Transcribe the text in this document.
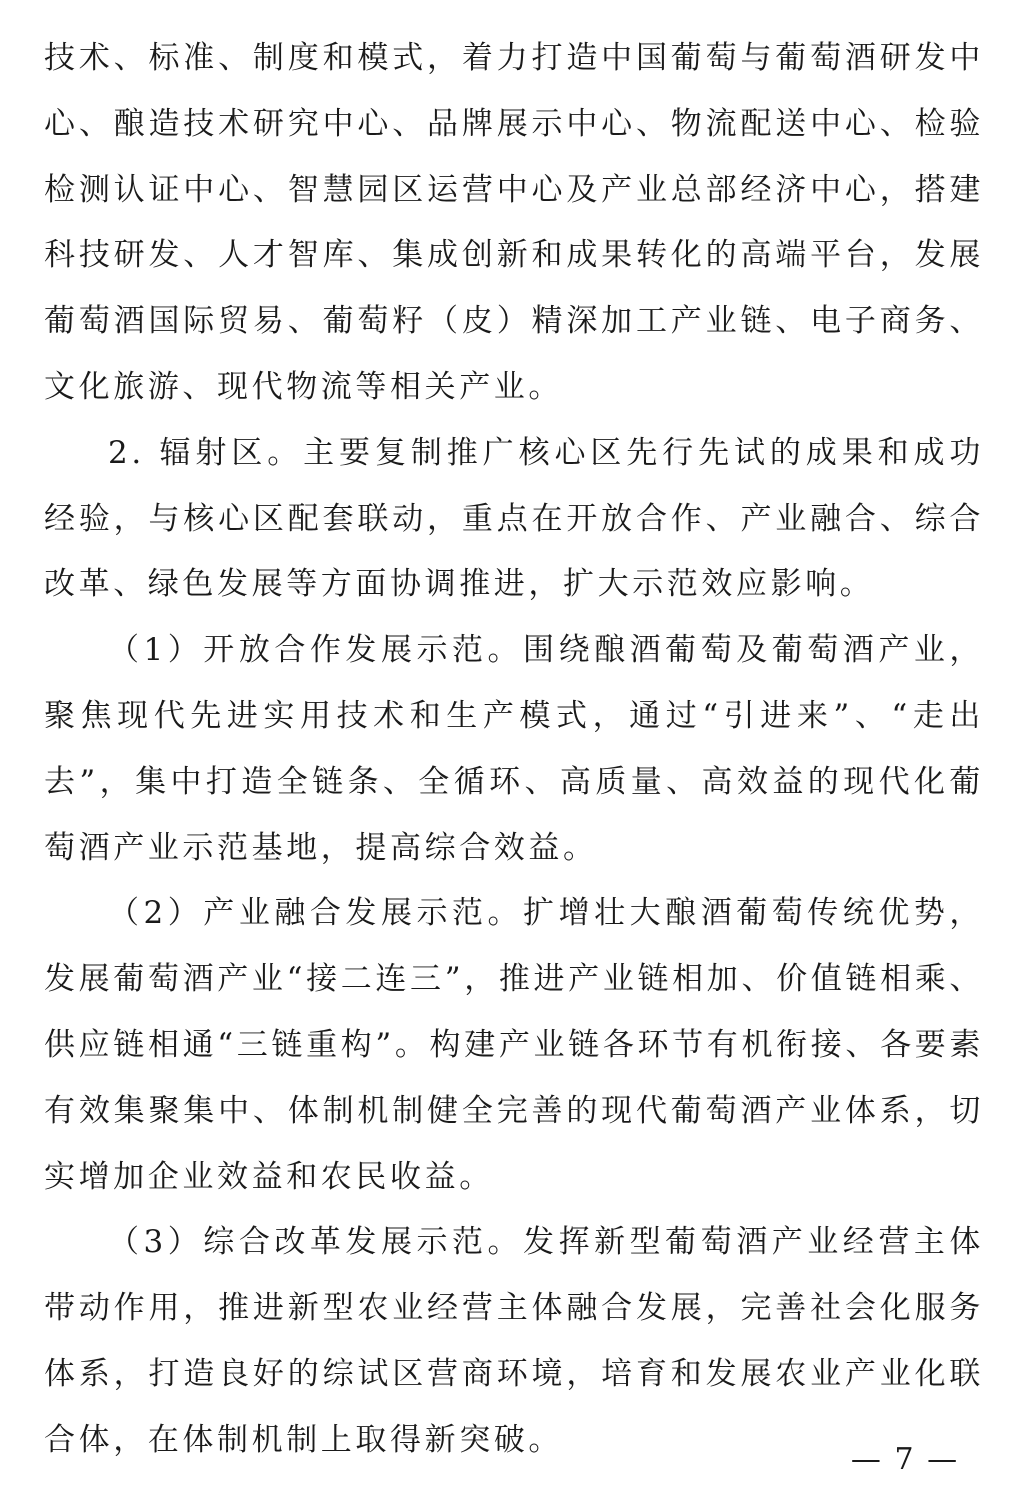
技术、标准、制度和模式，着力打造中国葡萄与葡萄酒研发中心、酿造技术研究中心、品牌展示中心、物流配送中心、检验检测认证中心、智慧园区运营中心及产业总部经济中心，搭建科技研发、人才智库、集成创新和成果转化的高端平台，发展葡萄酒国际贸易、葡萄籽（皮）精深加工产业链、电子商务、文化旅游、现代物流等相关产业。

2. 辐射区。主要复制推广核心区先行先试的成果和成功经验，与核心区配套联动，重点在开放合作、产业融合、综合改革、绿色发展等方面协调推进，扩大示范效应影响。

（1）开放合作发展示范。围绕酿酒葡萄及葡萄酒产业，聚焦现代先进实用技术和生产模式，通过“引进来”、“走出去”，集中打造全链条、全循环、高质量、高效益的现代化葡萄酒产业示范基地，提高综合效益。

（2）产业融合发展示范。扩增壮大酿酒葡萄传统优势，发展葡萄酒产业“接二连三”，推进产业链相加、价值链相乘、供应链相通“三链重构”。构建产业链各环节有机衔接、各要素有效集聚集中、体制机制健全完善的现代葡萄酒产业体系，切实增加企业效益和农民收益。

（3）综合改革发展示范。发挥新型葡萄酒产业经营主体带动作用，推进新型农业经营主体融合发展，完善社会化服务体系，打造良好的综试区营商环境，培育和发展农业产业化联合体，在体制机制上取得新突破。

— 7 —
